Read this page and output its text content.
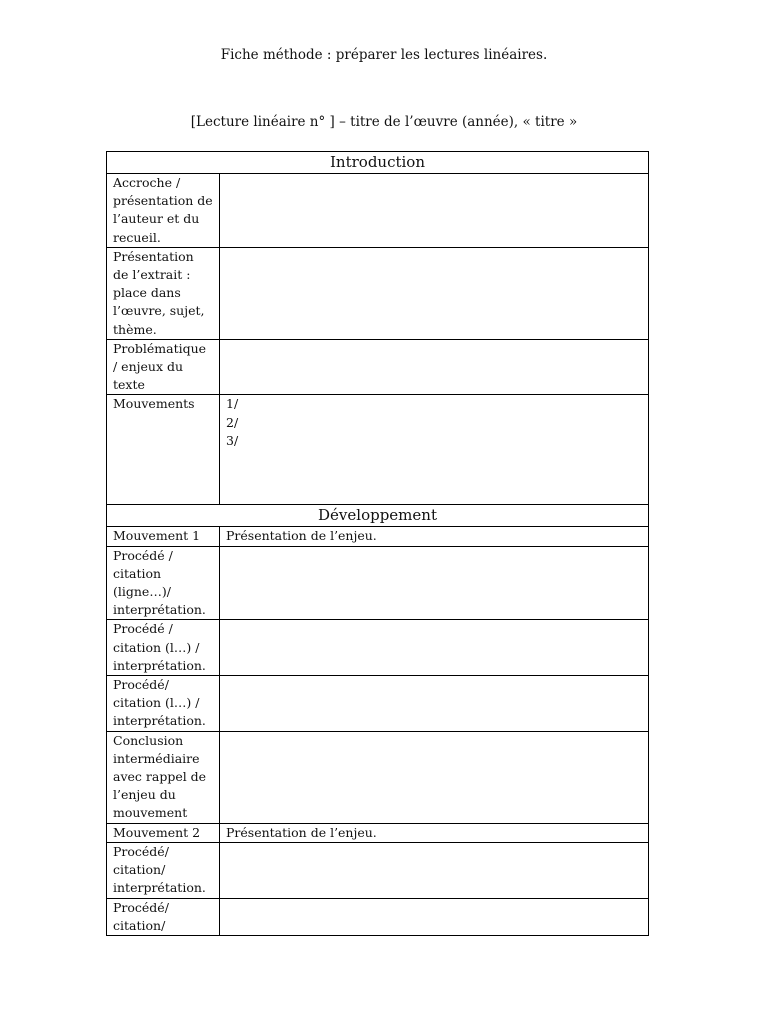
Fiche méthode : préparer les lectures linéaires.
[Lecture linéaire n° ] – titre de l’œuvre (année), « titre »
Introduction	
Accroche / présentation de l’auteur et du recueil.	
Présentation de l’extrait : place dans l’œuvre, sujet, thème.	
Problématique / enjeux du texte	
Mouvements	1/
2/
3/

Développement	
Mouvement 1	Présentation de l’enjeu.
Procédé / citation (ligne…)/ interprétation.	
Procédé / citation (l…) / interprétation.	
Procédé/ citation (l…) / interprétation.	
Conclusion intermédiaire avec rappel de l’enjeu du mouvement	
Mouvement 2	Présentation de l’enjeu.
Procédé/ citation/ interprétation.	
Procédé/ citation/	
